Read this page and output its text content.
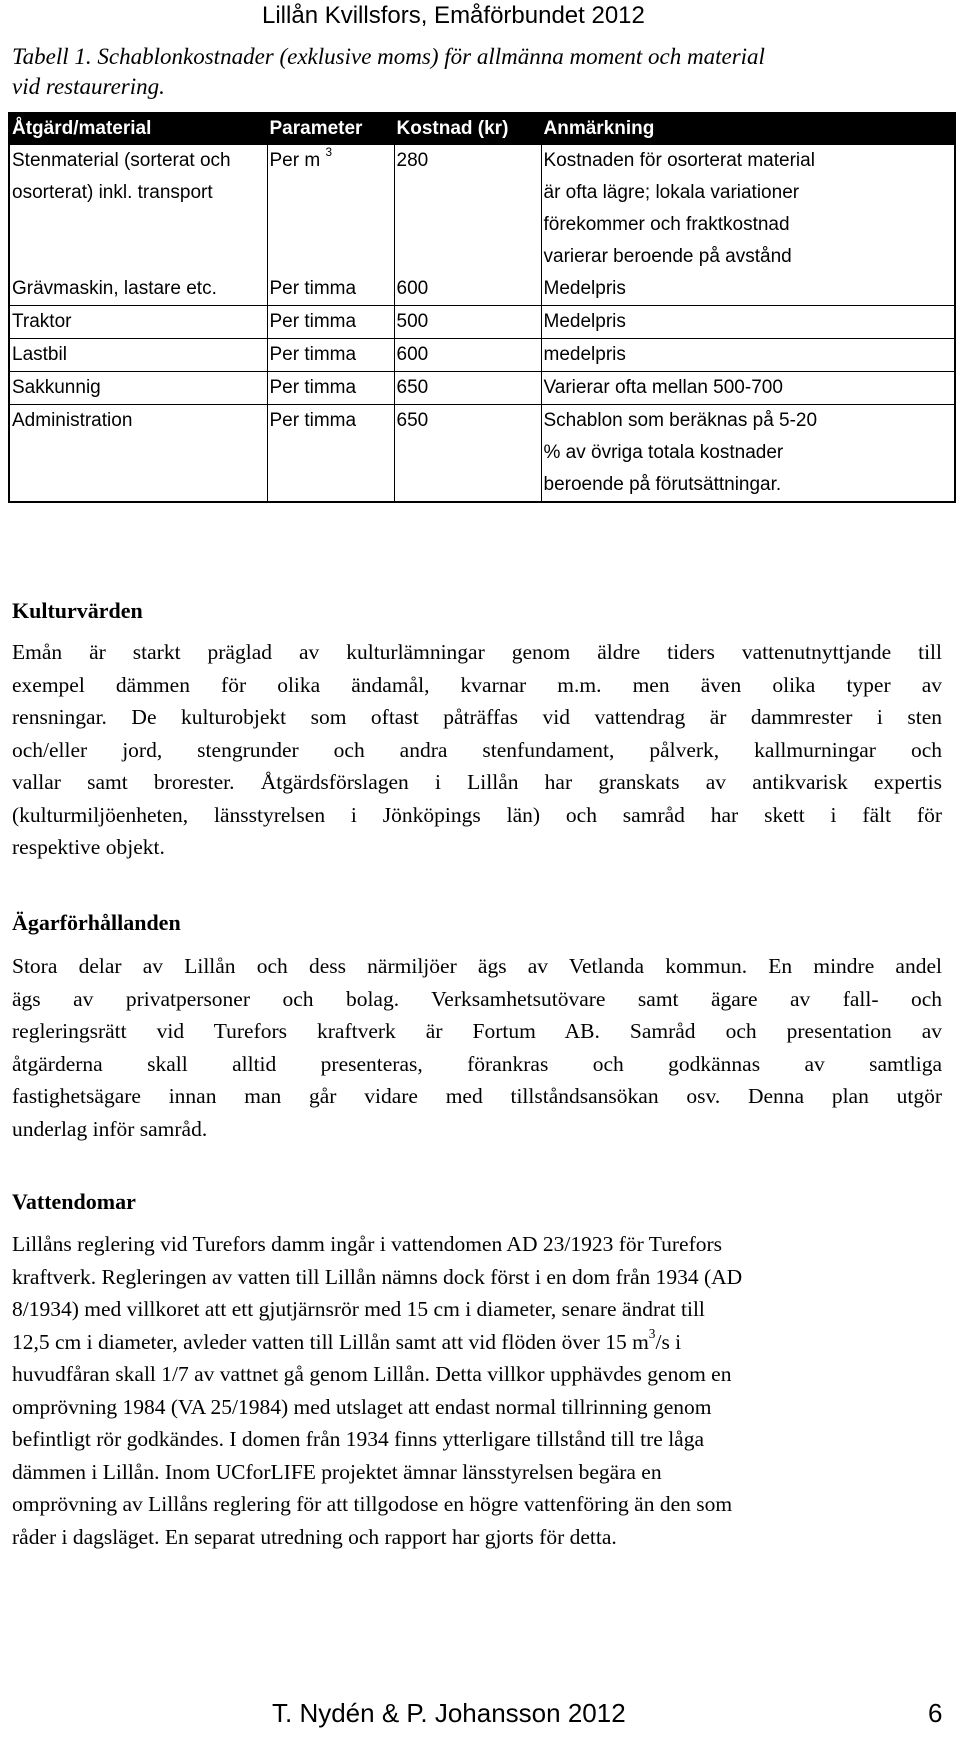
Lillån Kvillsfors, Emåförbundet 2012
Tabell 1. Schablonkostnader (exklusive moms) för allmänna moment och material
vid restaurering.
Åtgärd/material	Parameter	Kostnad (kr)	Anmärkning

Stenmaterial (sorterat och
osorterat) inkl. transport	Per m $^3$	280	Kostnaden för osorterat material
är ofta lägre; lokala variationer
förekommer och fraktkostnad
varierar beroende på avstånd

Grävmaskin, lastare etc.	Per timma	600	Medelpris
Traktor	Per timma	500	Medelpris
Lastbil	Per timma	600	medelpris
Sakkunnig	Per timma	650	Varierar ofta mellan 500-700
Administration	Per timma	650	Schablon som beräknas på 5-20
% av övriga totala kostnader
beroende på förutsättningar.
Kulturvärden
Emån är starkt präglad av kulturlämningar genom äldre tiders vattenutnyttjande till
exempel dämmen för olika ändamål, kvarnar m.m. men även olika typer av
rensningar. De kulturobjekt som oftast påträffas vid vattendrag är dammrester i sten
och/eller jord, stengrunder och andra stenfundament, pålverk, kallmurningar och
vallar samt brorester. Åtgärdsförslagen i Lillån har granskats av antikvarisk expertis
(kulturmiljöenheten, länsstyrelsen i Jönköpings län) och samråd har skett i fält för
respektive objekt.
Ägarförhållanden
Stora delar av Lillån och dess närmiljöer ägs av Vetlanda kommun. En mindre andel
ägs av privatpersoner och bolag. Verksamhetsutövare samt ägare av fall- och
regleringsrätt vid Turefors kraftverk är Fortum AB. Samråd och presentation av
åtgärderna skall alltid presenteras, förankras och godkännas av samtliga
fastighetsägare innan man går vidare med tillståndsansökan osv. Denna plan utgör
underlag inför samråd.
Vattendomar
Lillåns reglering vid Turefors damm ingår i vattendomen AD 23/1923 för Turefors
kraftverk. Regleringen av vatten till Lillån nämns dock först i en dom från 1934 (AD
8/1934) med villkoret att ett gjutjärnsrör med 15 cm i diameter, senare ändrat till
12,5 cm i diameter, avleder vatten till Lillån samt att vid flöden över 15 $m^3/s$ i
huvudfåran skall 1/7 av vattnet gå genom Lillån. Detta villkor upphävdes genom en
omprövning 1984 (VA 25/1984) med utslaget att endast normal tillrinning genom
befintligt rör godkändes. I domen från 1934 finns ytterligare tillstånd till tre låga
dämmen i Lillån. Inom UCforLIFE projektet ämnar länsstyrelsen begära en
omprövning av Lillåns reglering för att tillgodose en högre vattenföring än den som
råder i dagsläget. En separat utredning och rapport har gjorts för detta.
T. Nydén & P. Johansson 2012	6
